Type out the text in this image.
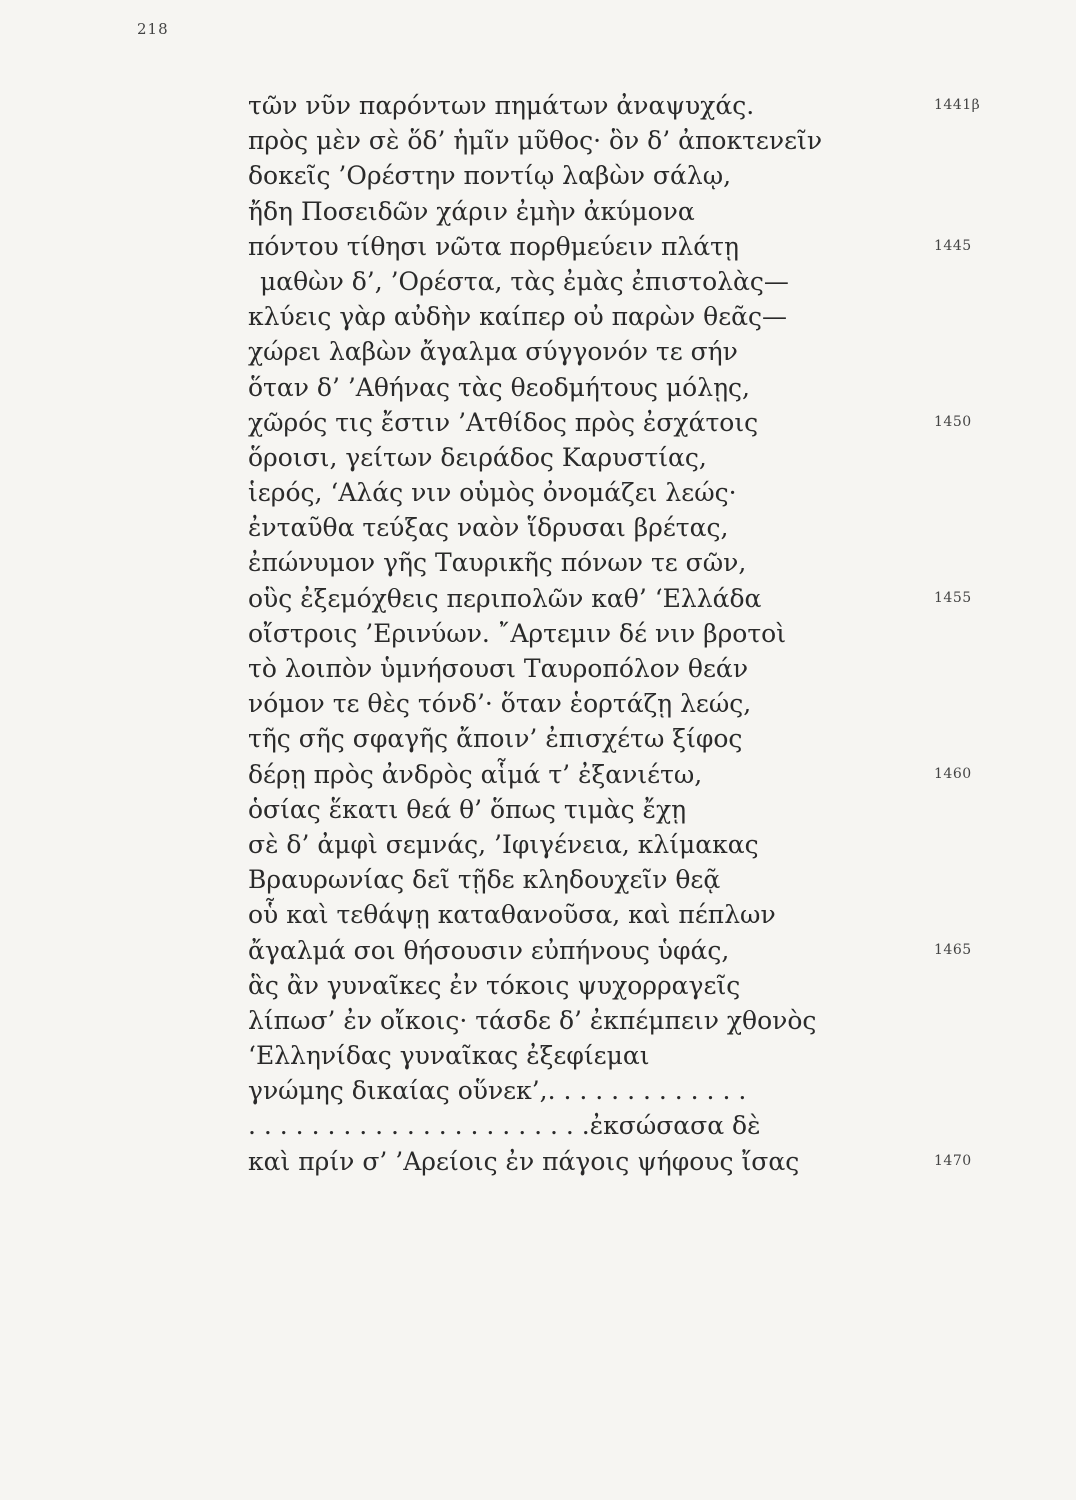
218
τῶν νῦν παρόντων πημάτων ἀναψυχάς.	1441β
πρὸς μὲν σὲ ὅδ’ ἡμῖν μῦθος· ὃν δ’ ἀποκτενεῖν
δοκεῖς ’Ορέστην ποντίῳ λαβὼν σάλῳ,
ἤδη Ποσειδῶν χάριν ἐμὴν ἀκύμονα
πόντου τίθησι νῶτα πορθμεύειν πλάτῃ	1445
μαθὼν δ’, ’Ορέστα, τὰς ἐμὰς ἐπιστολὰς—
κλύεις γὰρ αὐδὴν καίπερ οὐ παρὼν θεᾶς—
χώρει λαβὼν ἄγαλμα σύγγονόν τε σήν
ὅταν δ’ ’Αθήνας τὰς θεοδμήτους μόλῃς,
χῶρός τις ἔστιν ’Ατθίδος πρὸς ἐσχάτοις	1450
ὅροισι, γείτων δειράδος Καρυστίας,
ἱερός, ‘Αλάς νιν οὑμὸς ὀνομάζει λεώς·
ἐνταῦθα τεύξας ναὸν ἵδρυσαι βρέτας,
ἐπώνυμον γῆς Ταυρικῆς πόνων τε σῶν,
οὓς ἐξεμόχθεις περιπολῶν καθ’ ‘Ελλάδα	1455
οἴστροις ’Ερινύων. ῎Αρτεμιν δέ νιν βροτοὶ
τὸ λοιπὸν ὑμνήσουσι Ταυροπόλον θεάν
νόμον τε θὲς τόνδ’· ὅταν ἑορτάζῃ λεώς,
τῆς σῆς σφαγῆς ἄποιν’ ἐπισχέτω ξίφος
δέρῃ πρὸς ἀνδρὸς αἷμά τ’ ἐξανιέτω,	1460
ὁσίας ἕκατι θεά θ’ ὅπως τιμὰς ἔχῃ
σὲ δ’ ἀμφὶ σεμνάς, ’Ιφιγένεια, κλίμακας
Βραυρωνίας δεῖ τῇδε κληδουχεῖν θεᾷ
οὗ καὶ τεθάψῃ καταθανοῦσα, καὶ πέπλων
ἄγαλμά σοι θήσουσιν εὐπήνους ὑφάς,	1465
ἃς ἂν γυναῖκες ἐν τόκοις ψυχορραγεῖς
λίπωσ’ ἐν οἴκοις· τάσδε δ’ ἐκπέμπειν χθονὸς
‘Ελληνίδας γυναῖκας ἐξεφίεμαι
γνώμης δικαίας οὕνεκ’,. . . . . . . . . . . . .
. . . . . . . . . . . . . . . . . . . . . .ἐκσώσασα δὲ
καὶ πρίν σ’ ’Αρείοις ἐν πάγοις ψήφους ἴσας	1470
